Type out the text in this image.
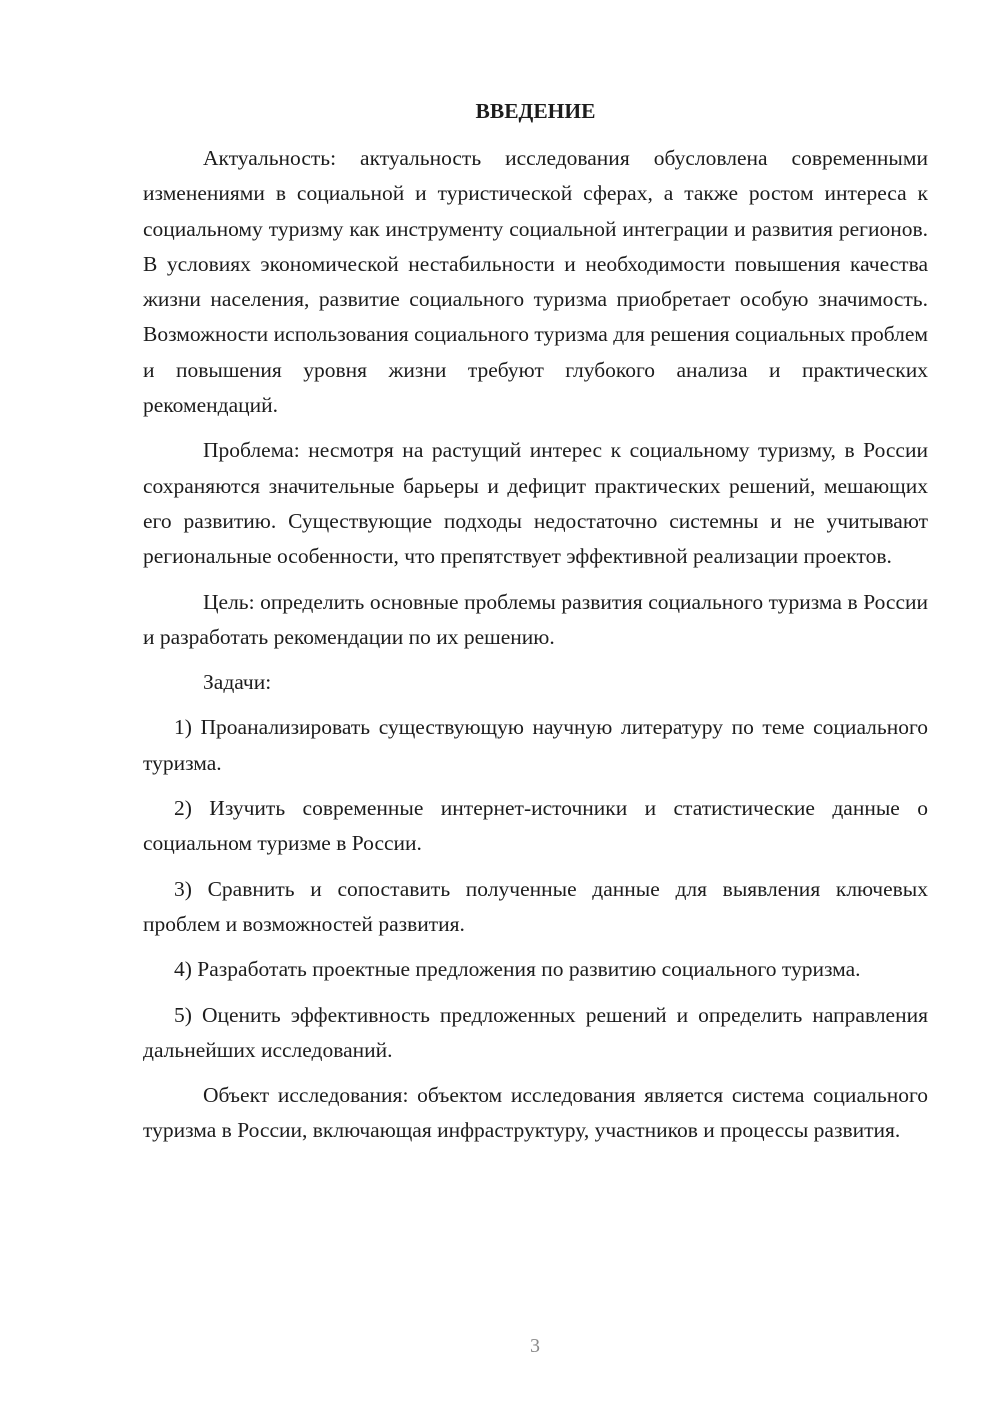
ВВЕДЕНИЕ

Актуальность: актуальность исследования обусловлена современными изменениями в социальной и туристической сферах, а также ростом интереса к социальному туризму как инструменту социальной интеграции и развития регионов. В условиях экономической нестабильности и необходимости повышения качества жизни населения, развитие социального туризма приобретает особую значимость. Возможности использования социального туризма для решения социальных проблем и повышения уровня жизни требуют глубокого анализа и практических рекомендаций.

Проблема: несмотря на растущий интерес к социальному туризму, в России сохраняются значительные барьеры и дефицит практических решений, мешающих его развитию. Существующие подходы недостаточно системны и не учитывают региональные особенности, что препятствует эффективной реализации проектов.

Цель: определить основные проблемы развития социального туризма в России и разработать рекомендации по их решению.

Задачи:

1) Проанализировать существующую научную литературу по теме социального туризма.

2) Изучить современные интернет-источники и статистические данные о социальном туризме в России.

3) Сравнить и сопоставить полученные данные для выявления ключевых проблем и возможностей развития.

4) Разработать проектные предложения по развитию социального туризма.

5) Оценить эффективность предложенных решений и определить направления дальнейших исследований.

Объект исследования: объектом исследования является система социального туризма в России, включающая инфраструктуру, участников и процессы развития.

3
